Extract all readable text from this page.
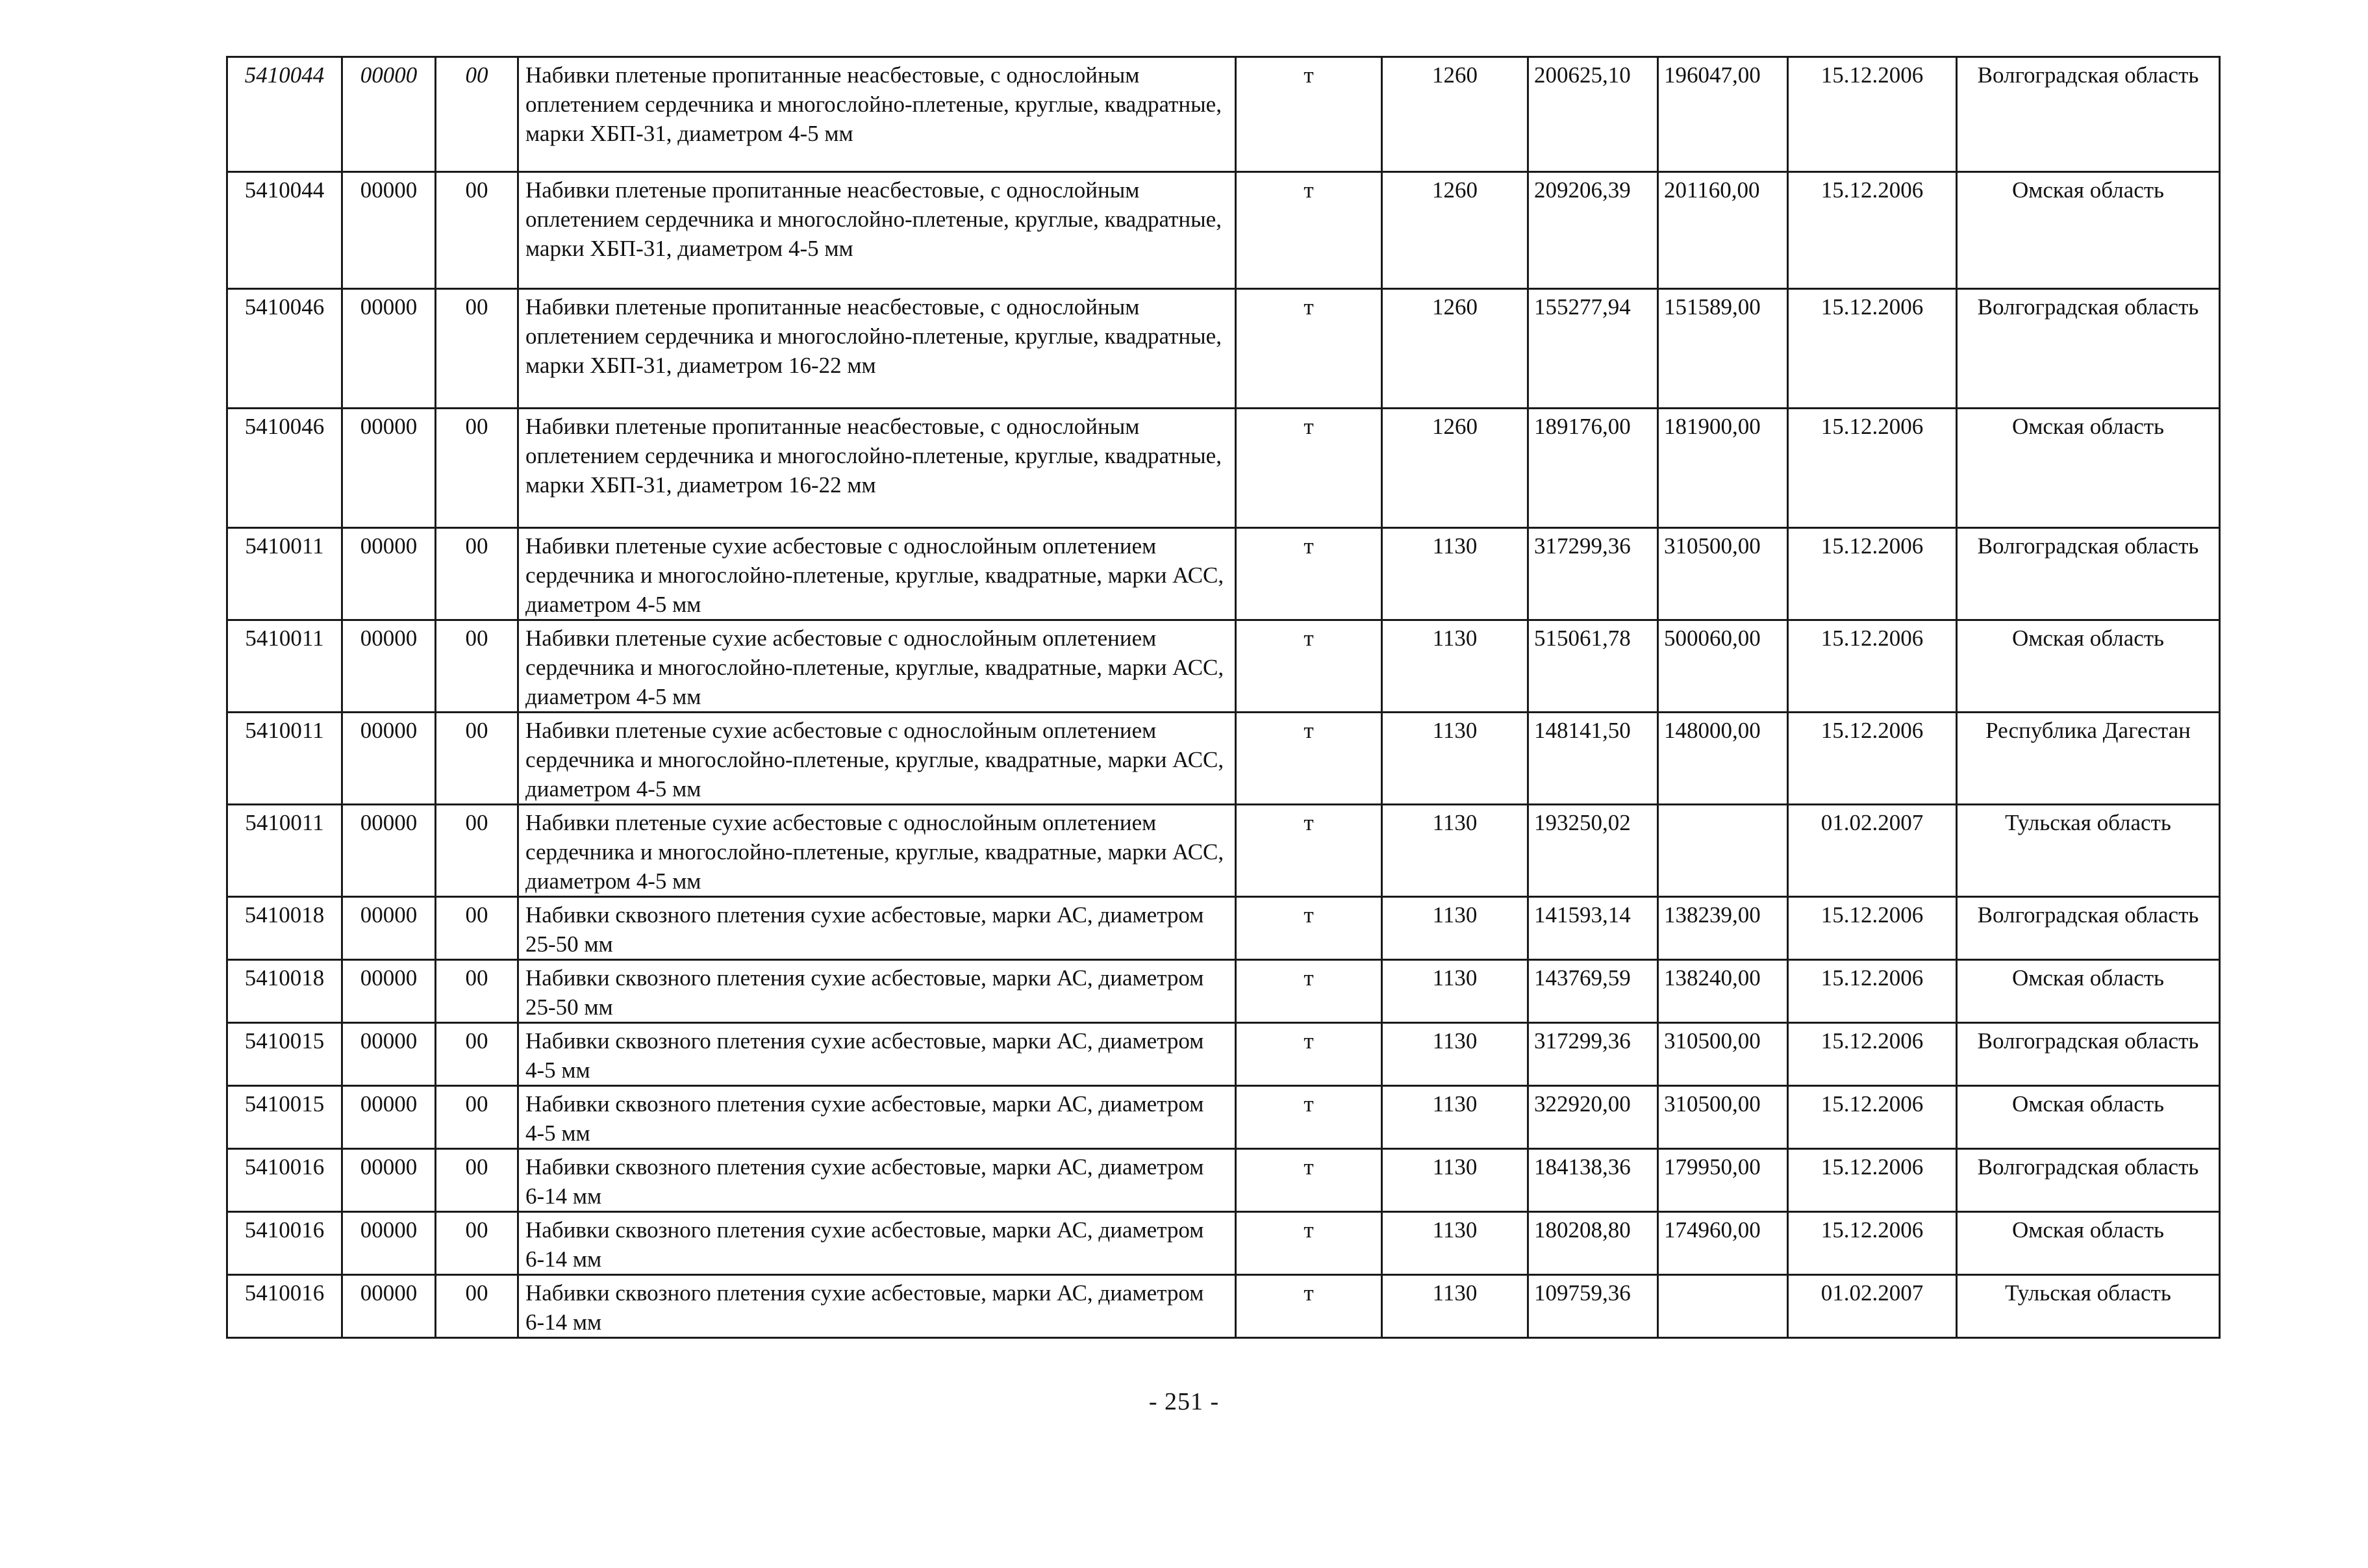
5410044	00000	00	Набивки плетеные пропитанные неасбестовые, с однослойным оплетением сердечника и многослойно-плетеные, круглые, квадратные, марки ХБП-31, диаметром 4-5 мм	т	1260	200625,10	196047,00	15.12.2006	Волгоградская область
5410044	00000	00	Набивки плетеные пропитанные неасбестовые, с однослойным оплетением сердечника и многослойно-плетеные, круглые, квадратные, марки ХБП-31, диаметром 4-5 мм	т	1260	209206,39	201160,00	15.12.2006	Омская область
5410046	00000	00	Набивки плетеные пропитанные неасбестовые, с однослойным оплетением сердечника и многослойно-плетеные, круглые, квадратные, марки ХБП-31, диаметром 16-22 мм	т	1260	155277,94	151589,00	15.12.2006	Волгоградская область
5410046	00000	00	Набивки плетеные пропитанные неасбестовые, с однослойным оплетением сердечника и многослойно-плетеные, круглые, квадратные, марки ХБП-31, диаметром 16-22 мм	т	1260	189176,00	181900,00	15.12.2006	Омская область
5410011	00000	00	Набивки плетеные сухие асбестовые с однослойным оплетением сердечника и многослойно-плетеные, круглые, квадратные, марки АСС, диаметром 4-5 мм	т	1130	317299,36	310500,00	15.12.2006	Волгоградская область
5410011	00000	00	Набивки плетеные сухие асбестовые с однослойным оплетением сердечника и многослойно-плетеные, круглые, квадратные, марки АСС, диаметром 4-5 мм	т	1130	515061,78	500060,00	15.12.2006	Омская область
5410011	00000	00	Набивки плетеные сухие асбестовые с однослойным оплетением сердечника и многослойно-плетеные, круглые, квадратные, марки АСС, диаметром 4-5 мм	т	1130	148141,50	148000,00	15.12.2006	Республика Дагестан
5410011	00000	00	Набивки плетеные сухие асбестовые с однослойным оплетением сердечника и многослойно-плетеные, круглые, квадратные, марки АСС, диаметром 4-5 мм	т	1130	193250,02		01.02.2007	Тульская область
5410018	00000	00	Набивки сквозного плетения сухие асбестовые, марки АС, диаметром 25-50 мм	т	1130	141593,14	138239,00	15.12.2006	Волгоградская область
5410018	00000	00	Набивки сквозного плетения сухие асбестовые, марки АС, диаметром 25-50 мм	т	1130	143769,59	138240,00	15.12.2006	Омская область
5410015	00000	00	Набивки сквозного плетения сухие асбестовые, марки АС, диаметром 4-5 мм	т	1130	317299,36	310500,00	15.12.2006	Волгоградская область
5410015	00000	00	Набивки сквозного плетения сухие асбестовые, марки АС, диаметром 4-5 мм	т	1130	322920,00	310500,00	15.12.2006	Омская область
5410016	00000	00	Набивки сквозного плетения сухие асбестовые, марки АС, диаметром 6-14 мм	т	1130	184138,36	179950,00	15.12.2006	Волгоградская область
5410016	00000	00	Набивки сквозного плетения сухие асбестовые, марки АС, диаметром 6-14 мм	т	1130	180208,80	174960,00	15.12.2006	Омская область
5410016	00000	00	Набивки сквозного плетения сухие асбестовые, марки АС, диаметром 6-14 мм	т	1130	109759,36		01.02.2007	Тульская область
- 251 -
